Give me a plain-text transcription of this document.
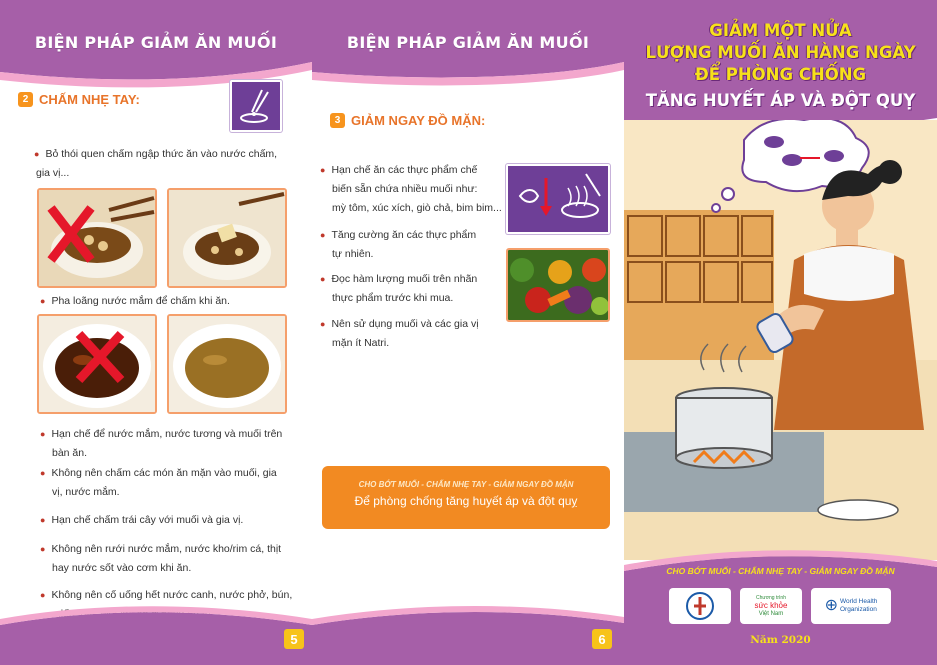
BIỆN PHÁP GIẢM ĂN MUỐI
2 CHẤM NHẸ TAY:
● Bỏ thói quen chấm ngập thức ăn vào nước chấm,
gia vị...
● Pha loãng nước mắm để chấm khi ăn.
● Hạn chế để nước mắm, nước tương và muối trên
bàn ăn.
● Không nên chấm các món ăn mặn vào muối, gia
vị, nước mắm.
● Hạn chế chấm trái cây với muối và gia vị.
● Không nên rưới nước mắm, nước kho/rim cá, thịt
hay nước sốt vào cơm khi ăn.
● Không nên cố uống hết nước canh, nước phở, bún,
5
BIỆN PHÁP GIẢM ĂN MUỐI
3 GIẢM NGAY ĐỒ MẶN:
● Hạn chế ăn các thực phẩm chế
biến sẵn chứa nhiều muối như:
mỳ tôm, xúc xích, giò chả, bim bim...
● Tăng cường ăn các thực phẩm
tự nhiên.
● Đọc hàm lượng muối trên nhãn
thực phẩm trước khi mua.
● Nên sử dụng muối và các gia vị
mặn ít Natri.
CHO BỚT MUỐI - CHẤM NHẸ TAY - GIẢM NGAY ĐỒ MẶN
Để phòng chống tăng huyết áp và đột quỵ
6
GIẢM MỘT NỬA
LƯỢNG MUỐI ĂN HÀNG NGÀY
ĐỂ PHÒNG CHỐNG
TĂNG HUYẾT ÁP VÀ ĐỘT QUỴ
CHO BỚT MUỐI - CHẤM NHẸ TAY - GIẢM NGAY ĐỒ MẶN
Chương trình
sức khỏe
Việt Nam	⊕ World Health
Organization
Năm 2020
